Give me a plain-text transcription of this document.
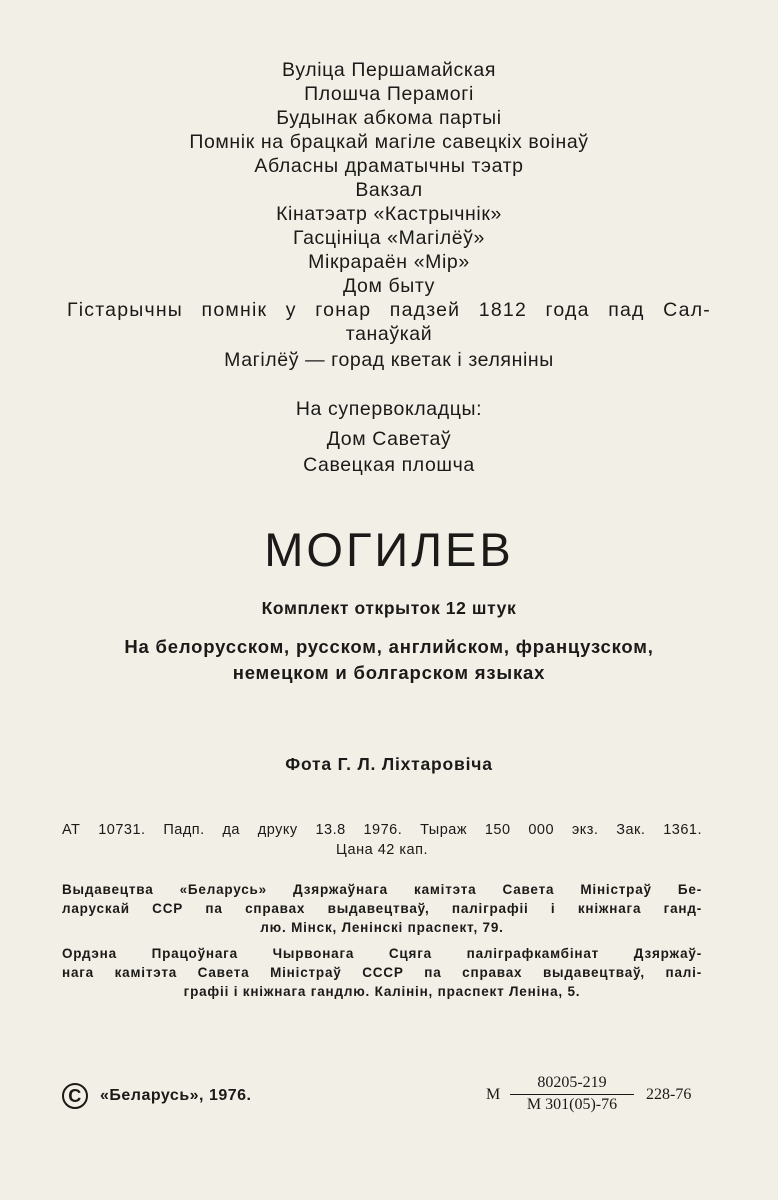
Вуліца Першамайская
Плошча Перамогі
Будынак абкома партыі
Помнік на брацкай магіле савецкіх воінаў
Абласны драматычны тэатр
Вакзал
Кінатэатр «Кастрычнік»
Гасцініца «Магілёў»
Мікрараён «Мір»
Дом быту
Гістарычны помнік у гонар падзей 1812 года пад Сал-
танаўкай
Магілёў — горад кветак і зеляніны
На супервокладцы:
Дом Саветаў
Савецкая плошча
МОГИЛЕВ
Комплект открыток 12 штук
На белорусском, русском, английском, французском,
немецком и болгарском языках
Фота Г. Л. Ліхтаровіча
АТ 10731. Падп. да друку 13.8 1976. Тыраж 150 000 экз. Зак. 1361.
Цана 42 кап.

Выдавецтва «Беларусь» Дзяржаўнага камітэта Савета Міністраў Бе-
ларускай ССР па справах выдавецтваў, паліграфіі і кніжнага ганд-
лю. Мінск, Ленінскі праспект, 79.

Ордэна Працоўнага Чырвонага Сцяга паліграфкамбінат Дзяржаў-
нага камітэта Савета Міністраў СССР па справах выдавецтваў, палі-
графіі і кніжнага гандлю. Калінін, праспект Леніна, 5.

C	«Беларусь», 1976.	М
80205-219
М 301(05)-76
228-76
